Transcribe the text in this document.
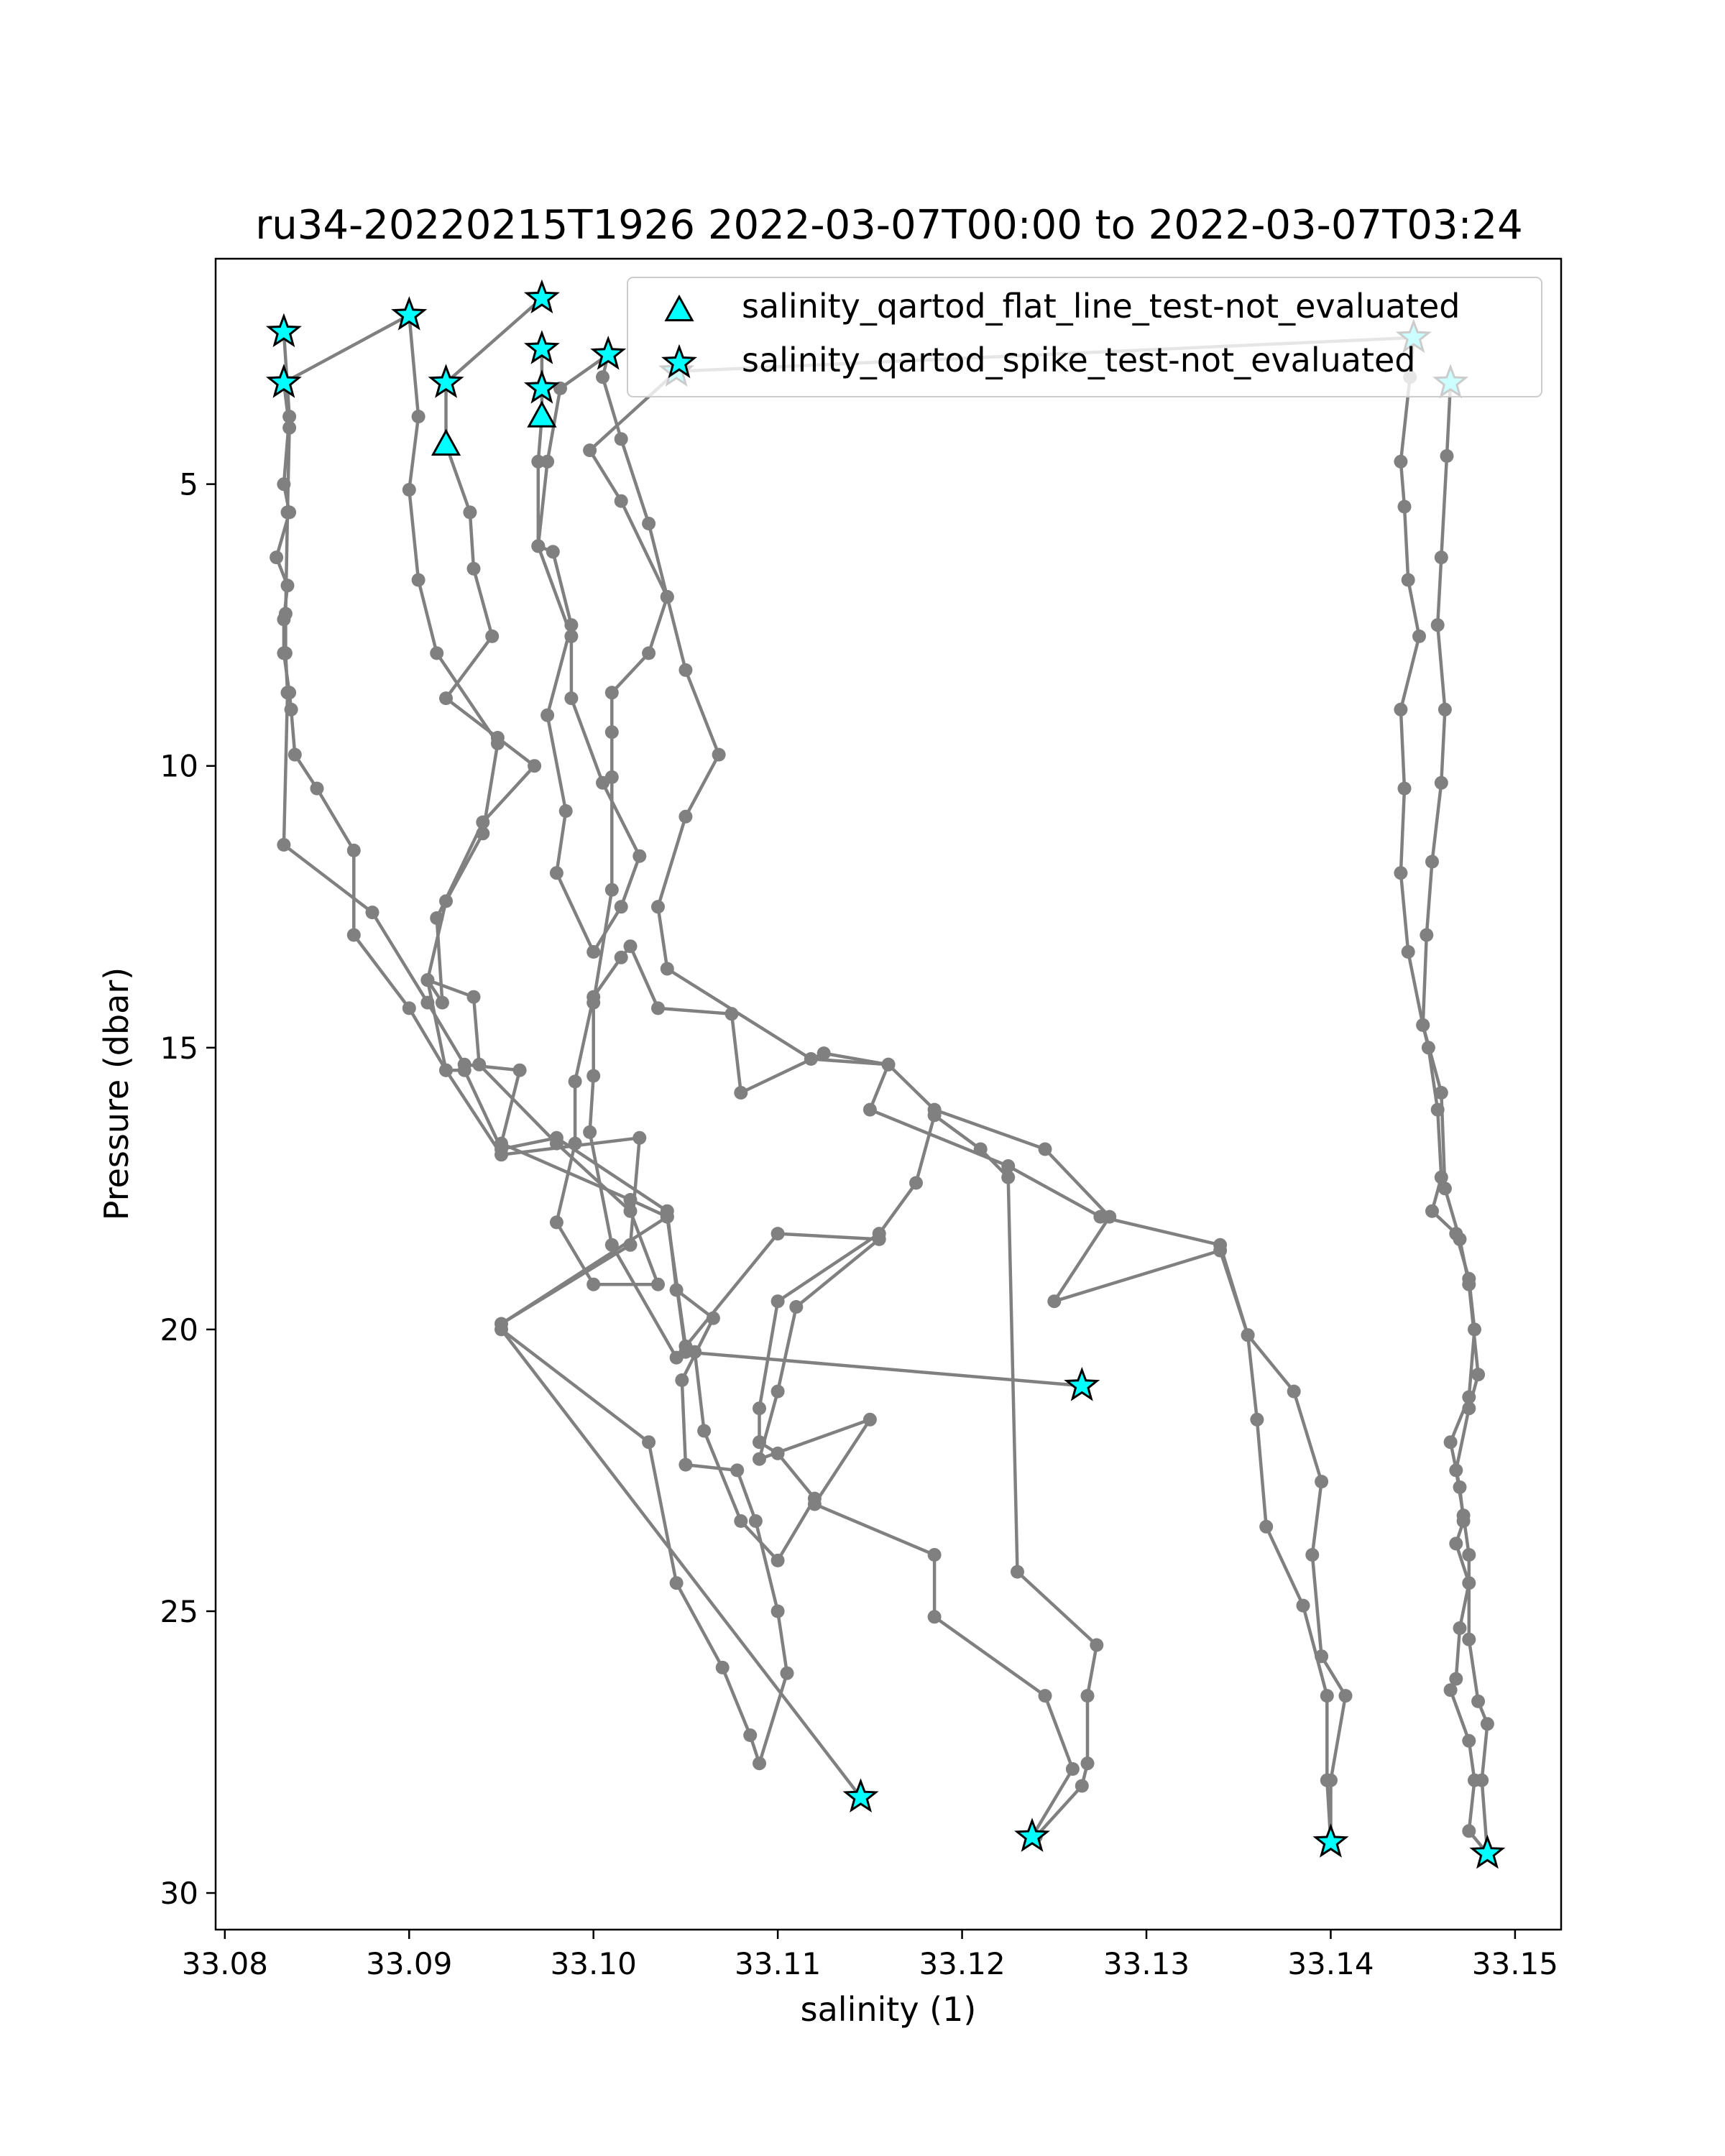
ru34-20220215T1926 2022-03-07T00:00 to 2022-03-07T03:24
33.08	33.09	33.10	33.11	33.12	33.13	33.14	33.15
5
10
15
20
25
30
salinity (1)
Pressure (dbar)
salinity_qartod_flat_line_test-not_evaluated
salinity_qartod_spike_test-not_evaluated
